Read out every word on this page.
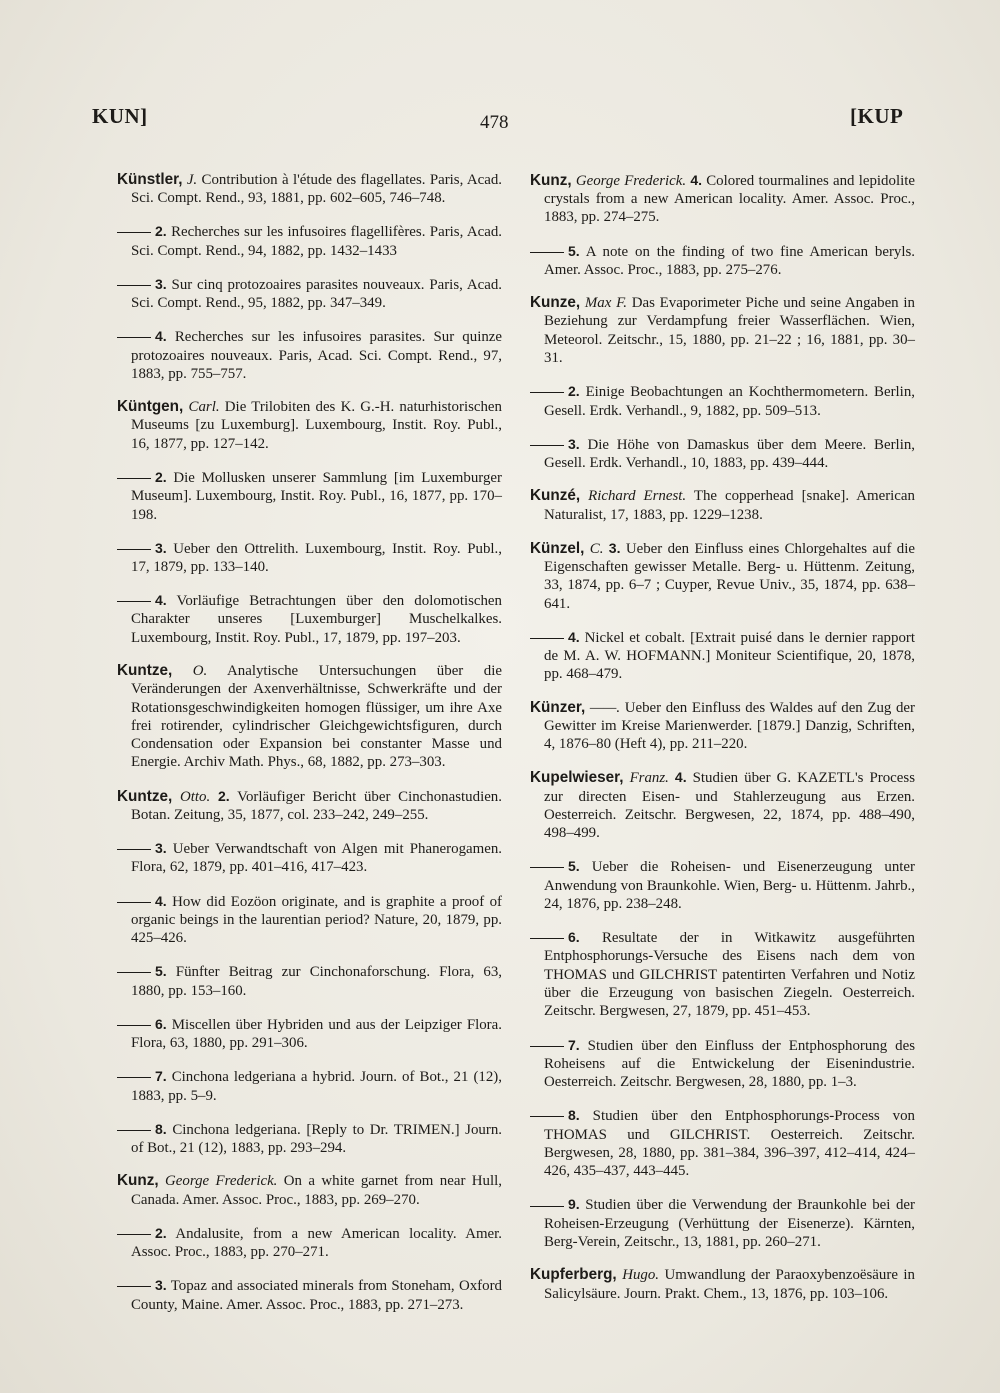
KUN]	478	[KUP

Künstler, J. Contribution à l'étude des flagellates. Paris, Acad. Sci. Compt. Rend., 93, 1881, pp. 602–605, 746–748.

2. Recherches sur les infusoires flagellifères. Paris, Acad. Sci. Compt. Rend., 94, 1882, pp. 1432–1433

3. Sur cinq protozoaires parasites nouveaux. Paris, Acad. Sci. Compt. Rend., 95, 1882, pp. 347–349.

4. Recherches sur les infusoires parasites. Sur quinze protozoaires nouveaux. Paris, Acad. Sci. Compt. Rend., 97, 1883, pp. 755–757.

Küntgen, Carl. Die Trilobiten des K. G.-H. naturhistorischen Museums [zu Luxemburg]. Luxembourg, Instit. Roy. Publ., 16, 1877, pp. 127–142.

2. Die Mollusken unserer Sammlung [im Luxemburger Museum]. Luxembourg, Instit. Roy. Publ., 16, 1877, pp. 170–198.

3. Ueber den Ottrelith. Luxembourg, Instit. Roy. Publ., 17, 1879, pp. 133–140.

4. Vorläufige Betrachtungen über den dolomotischen Charakter unseres [Luxemburger] Muschelkalkes. Luxembourg, Instit. Roy. Publ., 17, 1879, pp. 197–203.

Kuntze, O. Analytische Untersuchungen über die Veränderungen der Axenverhältnisse, Schwerkräfte und der Rotationsgeschwindigkeiten homogen flüssiger, um ihre Axe frei rotirender, cylindrischer Gleichgewichtsfiguren, durch Condensation oder Expansion bei constanter Masse und Energie. Archiv Math. Phys., 68, 1882, pp. 273–303.

Kuntze, Otto. 2. Vorläufiger Bericht über Cinchonastudien. Botan. Zeitung, 35, 1877, col. 233–242, 249–255.

3. Ueber Verwandtschaft von Algen mit Phanerogamen. Flora, 62, 1879, pp. 401–416, 417–423.

4. How did Eozöon originate, and is graphite a proof of organic beings in the laurentian period? Nature, 20, 1879, pp. 425–426.

5. Fünfter Beitrag zur Cinchonaforschung. Flora, 63, 1880, pp. 153–160.

6. Miscellen über Hybriden und aus der Leipziger Flora. Flora, 63, 1880, pp. 291–306.

7. Cinchona ledgeriana a hybrid. Journ. of Bot., 21 (12), 1883, pp. 5–9.

8. Cinchona ledgeriana. [Reply to Dr. TRIMEN.] Journ. of Bot., 21 (12), 1883, pp. 293–294.

Kunz, George Frederick. On a white garnet from near Hull, Canada. Amer. Assoc. Proc., 1883, pp. 269–270.

2. Andalusite, from a new American locality. Amer. Assoc. Proc., 1883, pp. 270–271.

3. Topaz and associated minerals from Stoneham, Oxford County, Maine. Amer. Assoc. Proc., 1883, pp. 271–273.

Kunz, George Frederick. 4. Colored tourmalines and lepidolite crystals from a new American locality. Amer. Assoc. Proc., 1883, pp. 274–275.

5. A note on the finding of two fine American beryls. Amer. Assoc. Proc., 1883, pp. 275–276.

Kunze, Max F. Das Evaporimeter Piche und seine Angaben in Beziehung zur Verdampfung freier Wasserflächen. Wien, Meteorol. Zeitschr., 15, 1880, pp. 21–22 ; 16, 1881, pp. 30–31.

2. Einige Beobachtungen an Kochthermometern. Berlin, Gesell. Erdk. Verhandl., 9, 1882, pp. 509–513.

3. Die Höhe von Damaskus über dem Meere. Berlin, Gesell. Erdk. Verhandl., 10, 1883, pp. 439–444.

Kunzé, Richard Ernest. The copperhead [snake]. American Naturalist, 17, 1883, pp. 1229–1238.

Künzel, C. 3. Ueber den Einfluss eines Chlorgehaltes auf die Eigenschaften gewisser Metalle. Berg- u. Hüttenm. Zeitung, 33, 1874, pp. 6–7 ; Cuyper, Revue Univ., 35, 1874, pp. 638–641.

4. Nickel et cobalt. [Extrait puisé dans le dernier rapport de M. A. W. HOFMANN.] Moniteur Scientifique, 20, 1878, pp. 468–479.

Künzer, ——. Ueber den Einfluss des Waldes auf den Zug der Gewitter im Kreise Marienwerder. [1879.] Danzig, Schriften, 4, 1876–80 (Heft 4), pp. 211–220.

Kupelwieser, Franz. 4. Studien über G. KAZETL's Process zur directen Eisen- und Stahlerzeugung aus Erzen. Oesterreich. Zeitschr. Bergwesen, 22, 1874, pp. 488–490, 498–499.

5. Ueber die Roheisen- und Eisenerzeugung unter Anwendung von Braunkohle. Wien, Berg- u. Hüttenm. Jahrb., 24, 1876, pp. 238–248.

6. Resultate der in Witkawitz ausgeführten Entphosphorungs-Versuche des Eisens nach dem von THOMAS und GILCHRIST patentirten Verfahren und Notiz über die Erzeugung von basischen Ziegeln. Oesterreich. Zeitschr. Bergwesen, 27, 1879, pp. 451–453.

7. Studien über den Einfluss der Entphosphorung des Roheisens auf die Entwickelung der Eisenindustrie. Oesterreich. Zeitschr. Bergwesen, 28, 1880, pp. 1–3.

8. Studien über den Entphosphorungs-Process von THOMAS und GILCHRIST. Oesterreich. Zeitschr. Bergwesen, 28, 1880, pp. 381–384, 396–397, 412–414, 424–426, 435–437, 443–445.

9. Studien über die Verwendung der Braunkohle bei der Roheisen-Erzeugung (Verhüttung der Eisenerze). Kärnten, Berg-Verein, Zeitschr., 13, 1881, pp. 260–271.

Kupferberg, Hugo. Umwandlung der Paraoxybenzoësäure in Salicylsäure. Journ. Prakt. Chem., 13, 1876, pp. 103–106.
